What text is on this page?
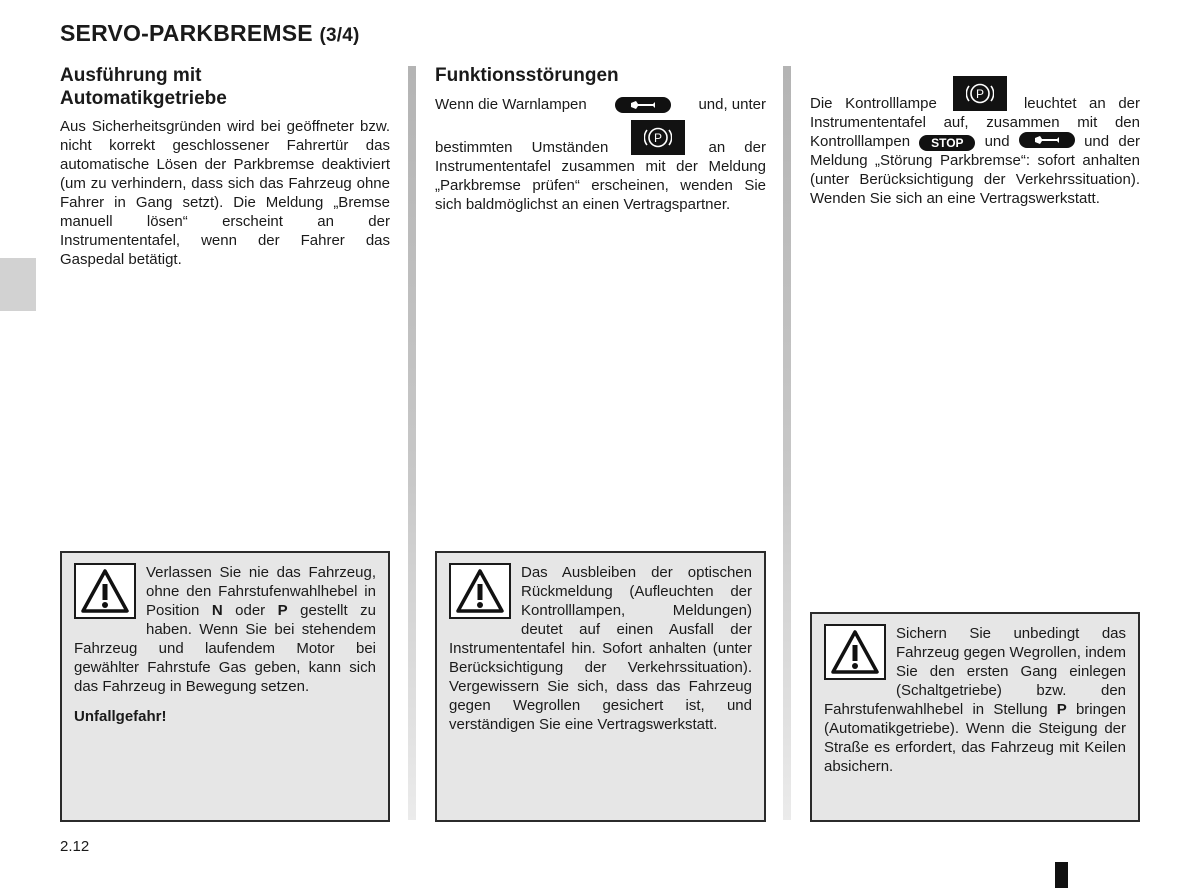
SERVO-PARKBREMSE (3/4)
Ausführung mit
Automatikgetriebe

Aus Sicherheitsgründen wird bei geöffneter bzw. nicht korrekt geschlossener Fahrertür das automatische Lösen der Parkbremse deaktiviert (um zu verhindern, dass sich das Fahrzeug ohne Fahrer in Gang setzt). Die Meldung „Bremse manuell lösen“ erscheint an der Instrumententafel, wenn der Fahrer das Gaspedal betätigt.

Verlassen Sie nie das Fahrzeug, ohne den Fahrstufenwahlhebel in Position N oder P gestellt zu haben. Wenn Sie bei stehendem Fahrzeug und laufendem Motor bei gewählter Fahrstufe Gas geben, kann sich das Fahrzeug in Bewegung setzen.

Unfallgefahr!

Funktionsstörungen

Wenn die Warnlampen	und, unter

bestimmten Umständen
P
an der Instrumententafel zusammen mit der Meldung „Parkbremse prüfen“ erscheinen, wenden Sie sich baldmöglichst an einen Vertragspartner.

Das Ausbleiben der optischen Rückmeldung (Aufleuchten der Kontrolllampen, Meldungen) deutet auf einen Ausfall der Instrumententafel hin. Sofort anhalten (unter Berücksichtigung der Verkehrssituation). Vergewissern Sie sich, dass das Fahrzeug gegen Wegrollen gesichert ist, und verständigen Sie eine Vertragswerkstatt.

Die Kontrolllampe
P
leuchtet an der Instrumententafel auf, zusammen mit den Kontrolllampen STOP und	und der Meldung „Störung Parkbremse“: sofort anhalten (unter Berücksichtigung der Verkehrssituation). Wenden Sie sich an eine Vertragswerkstatt.

Sichern Sie unbedingt das Fahrzeug gegen Wegrollen, indem Sie den ersten Gang einlegen (Schaltgetriebe) bzw. den Fahrstufenwahlhebel in Stellung P bringen (Automatikgetriebe). Wenn die Steigung der Straße es erfordert, das Fahrzeug mit Keilen absichern.

2.12
